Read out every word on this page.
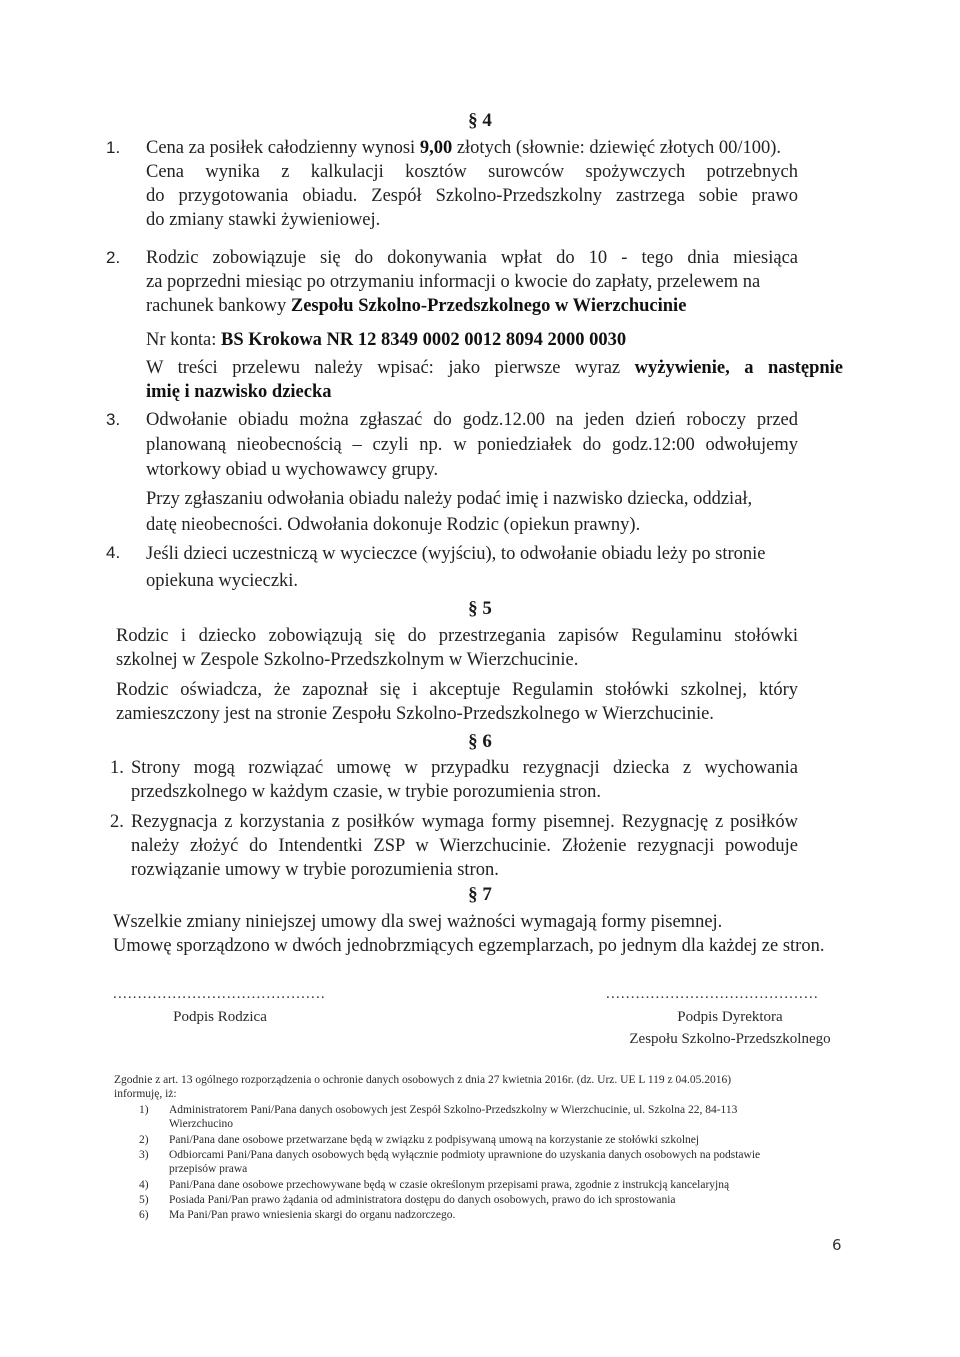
§ 4
1. Cena za posiłek całodzienny wynosi 9,00 złotych (słownie: dziewięć złotych 00/100).
Cena wynika z kalkulacji kosztów surowców spożywczych potrzebnych
do przygotowania obiadu. Zespół Szkolno-Przedszkolny zastrzega sobie prawo
do zmiany stawki żywieniowej.
2. Rodzic zobowiązuje się do dokonywania wpłat do 10 - tego dnia miesiąca
za poprzedni miesiąc po otrzymaniu informacji o kwocie do zapłaty, przelewem na
rachunek bankowy Zespołu Szkolno-Przedszkolnego w Wierzchucinie
Nr konta: BS Krokowa NR 12 8349 0002 0012 8094 2000 0030
W treści przelewu należy wpisać: jako pierwsze wyraz wyżywienie, a następnie
imię i nazwisko dziecka
3. Odwołanie obiadu można zgłaszać do godz.12.00 na jeden dzień roboczy przed
planowaną nieobecnością – czyli np. w poniedziałek do godz.12:00 odwołujemy
wtorkowy obiad u wychowawcy grupy.
Przy zgłaszaniu odwołania obiadu należy podać imię i nazwisko dziecka, oddział,
datę nieobecności. Odwołania dokonuje Rodzic (opiekun prawny).
4. Jeśli dzieci uczestniczą w wycieczce (wyjściu), to odwołanie obiadu leży po stronie
opiekuna wycieczki.
§ 5
Rodzic i dziecko zobowiązują się do przestrzegania zapisów Regulaminu stołówki
szkolnej w Zespole Szkolno-Przedszkolnym w Wierzchucinie.
Rodzic oświadcza, że zapoznał się i akceptuje Regulamin stołówki szkolnej, który
zamieszczony jest na stronie Zespołu Szkolno-Przedszkolnego w Wierzchucinie.
§ 6
1. Strony mogą rozwiązać umowę w przypadku rezygnacji dziecka z wychowania
przedszkolnego w każdym czasie, w trybie porozumienia stron.
2. Rezygnacja z korzystania z posiłków wymaga formy pisemnej. Rezygnację z posiłków
należy złożyć do Intendentki ZSP w Wierzchucinie. Złożenie rezygnacji powoduje
rozwiązanie umowy w trybie porozumienia stron.
§ 7
Wszelkie zmiany niniejszej umowy dla swej ważności wymagają formy pisemnej.
Umowę sporządzono w dwóch jednobrzmiących egzemplarzach, po jednym dla każdej ze stron.
...........................................
Podpis Rodzica
...........................................
Podpis Dyrektora
Zespołu Szkolno-Przedszkolnego
Zgodnie z art. 13 ogólnego rozporządzenia o ochronie danych osobowych z dnia 27 kwietnia 2016r. (dz. Urz. UE L 119 z 04.05.2016)
informuję, iż:
1)	Administratorem Pani/Pana danych osobowych jest Zespół Szkolno-Przedszkolny w Wierzchucinie, ul. Szkolna 22, 84-113
Wierzchucino
2)	Pani/Pana dane osobowe przetwarzane będą w związku z podpisywaną umową na korzystanie ze stołówki szkolnej
3)	Odbiorcami Pani/Pana danych osobowych będą wyłącznie podmioty uprawnione do uzyskania danych osobowych na podstawie
przepisów prawa
4)	Pani/Pana dane osobowe przechowywane będą w czasie określonym przepisami prawa, zgodnie z instrukcją kancelaryjną
5)	Posiada Pani/Pan prawo żądania od administratora dostępu do danych osobowych, prawo do ich sprostowania
6)	Ma Pani/Pan prawo wniesienia skargi do organu nadzorczego.
6
